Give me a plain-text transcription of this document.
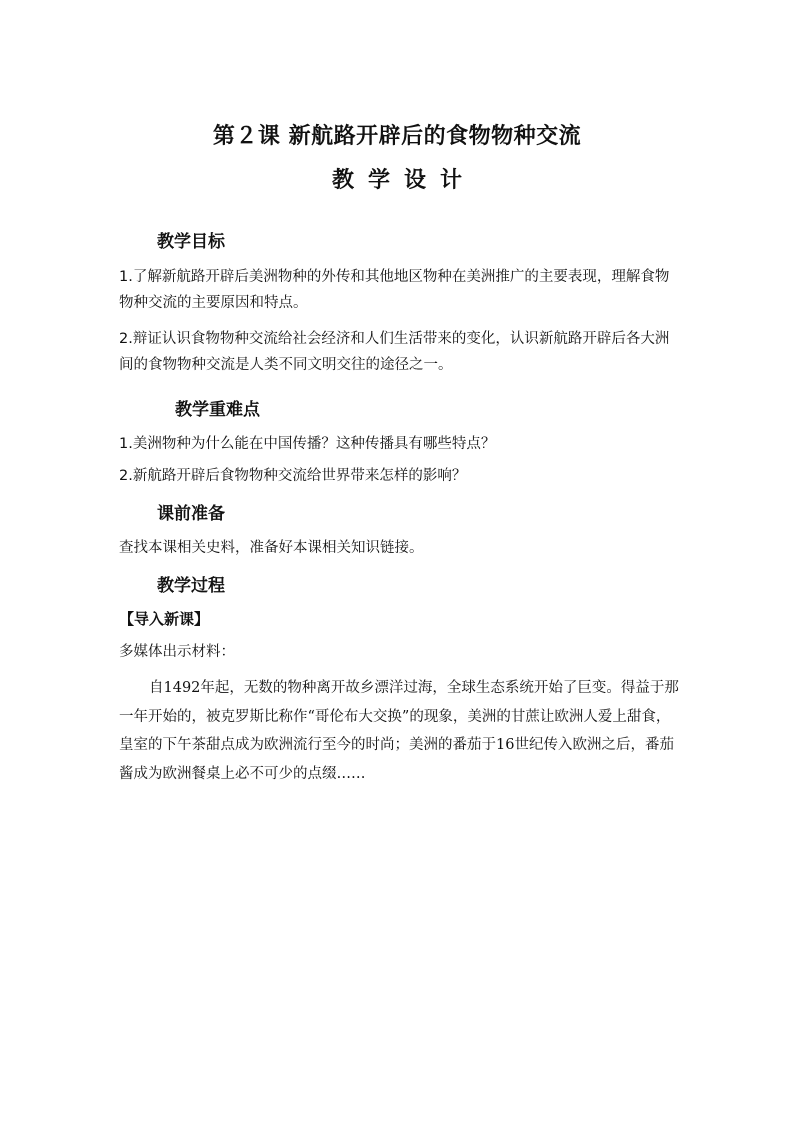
第２课 新航路开辟后的食物物种交流
教学设计
教学目标

1.了解新航路开辟后美洲物种的外传和其他地区物种在美洲推广的主要表现，理解食物物种交流的主要原因和特点。

2.辩证认识食物物种交流给社会经济和人们生活带来的变化，认识新航路开辟后各大洲间的食物物种交流是人类不同文明交往的途径之一。

教学重难点

1.美洲物种为什么能在中国传播？这种传播具有哪些特点？

2.新航路开辟后食物物种交流给世界带来怎样的影响？

课前准备

查找本课相关史料，准备好本课相关知识链接。

教学过程
【导入新课】

多媒体出示材料：

自1492年起，无数的物种离开故乡漂洋过海，全球生态系统开始了巨变。得益于那一年开始的，被克罗斯比称作“哥伦布大交换”的现象，美洲的甘蔗让欧洲人爱上甜食，皇室的下午茶甜点成为欧洲流行至今的时尚；美洲的番茄于16世纪传入欧洲之后，番茄酱成为欧洲餐桌上必不可少的点缀……
